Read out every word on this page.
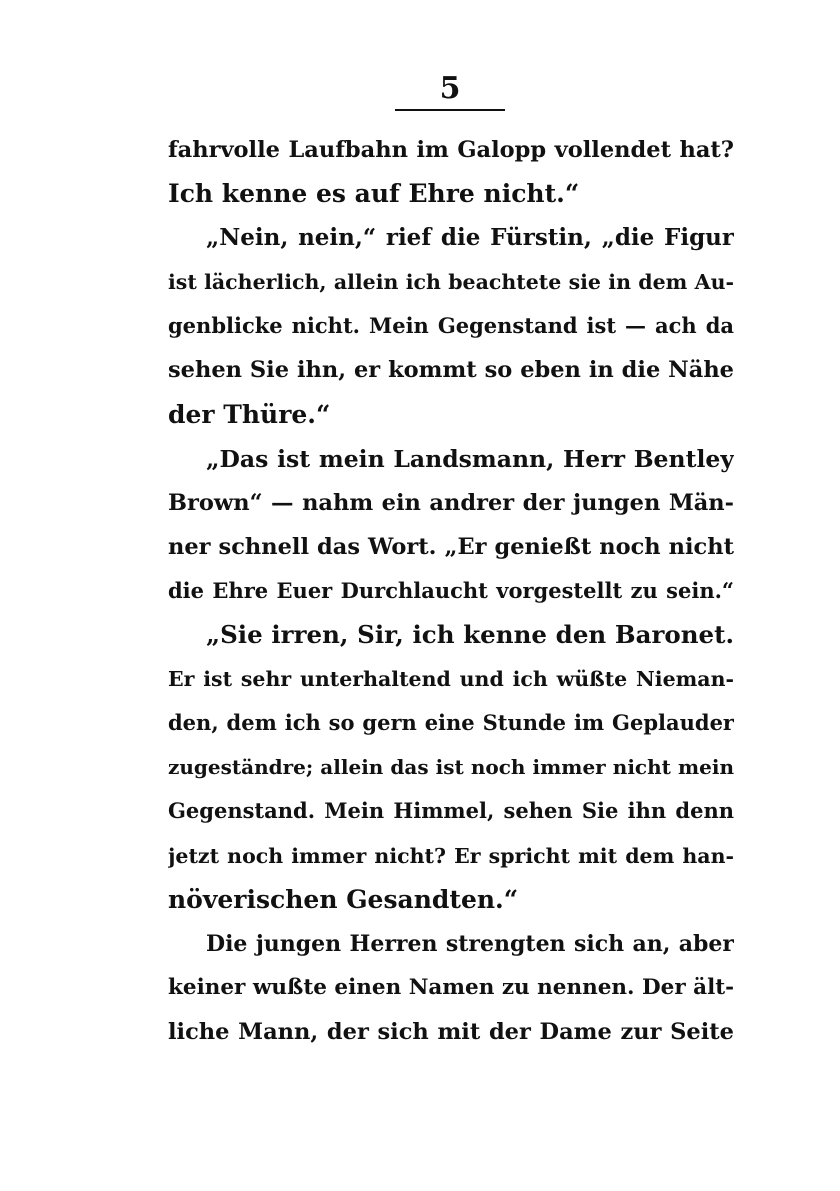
5
fahrvolle Laufbahn im Galopp vollendet hat?
Ich kenne es auf Ehre nicht.“
„Nein, nein,“ rief die Fürstin, „die Figur
ist lächerlich, allein ich beachtete sie in dem Au-
genblicke nicht. Mein Gegenstand ist — ach da
sehen Sie ihn, er kommt so eben in die Nähe
der Thüre.“
„Das ist mein Landsmann, Herr Bentley
Brown“ — nahm ein andrer der jungen Män-
ner schnell das Wort. „Er genießt noch nicht
die Ehre Euer Durchlaucht vorgestellt zu sein.“
„Sie irren, Sir, ich kenne den Baronet.
Er ist sehr unterhaltend und ich wüßte Nieman-
den, dem ich so gern eine Stunde im Geplauder
zugeständre; allein das ist noch immer nicht mein
Gegenstand. Mein Himmel, sehen Sie ihn denn
jetzt noch immer nicht? Er spricht mit dem han-
növerischen Gesandten.“
Die jungen Herren strengten sich an, aber
keiner wußte einen Namen zu nennen. Der ält-
liche Mann, der sich mit der Dame zur Seite
